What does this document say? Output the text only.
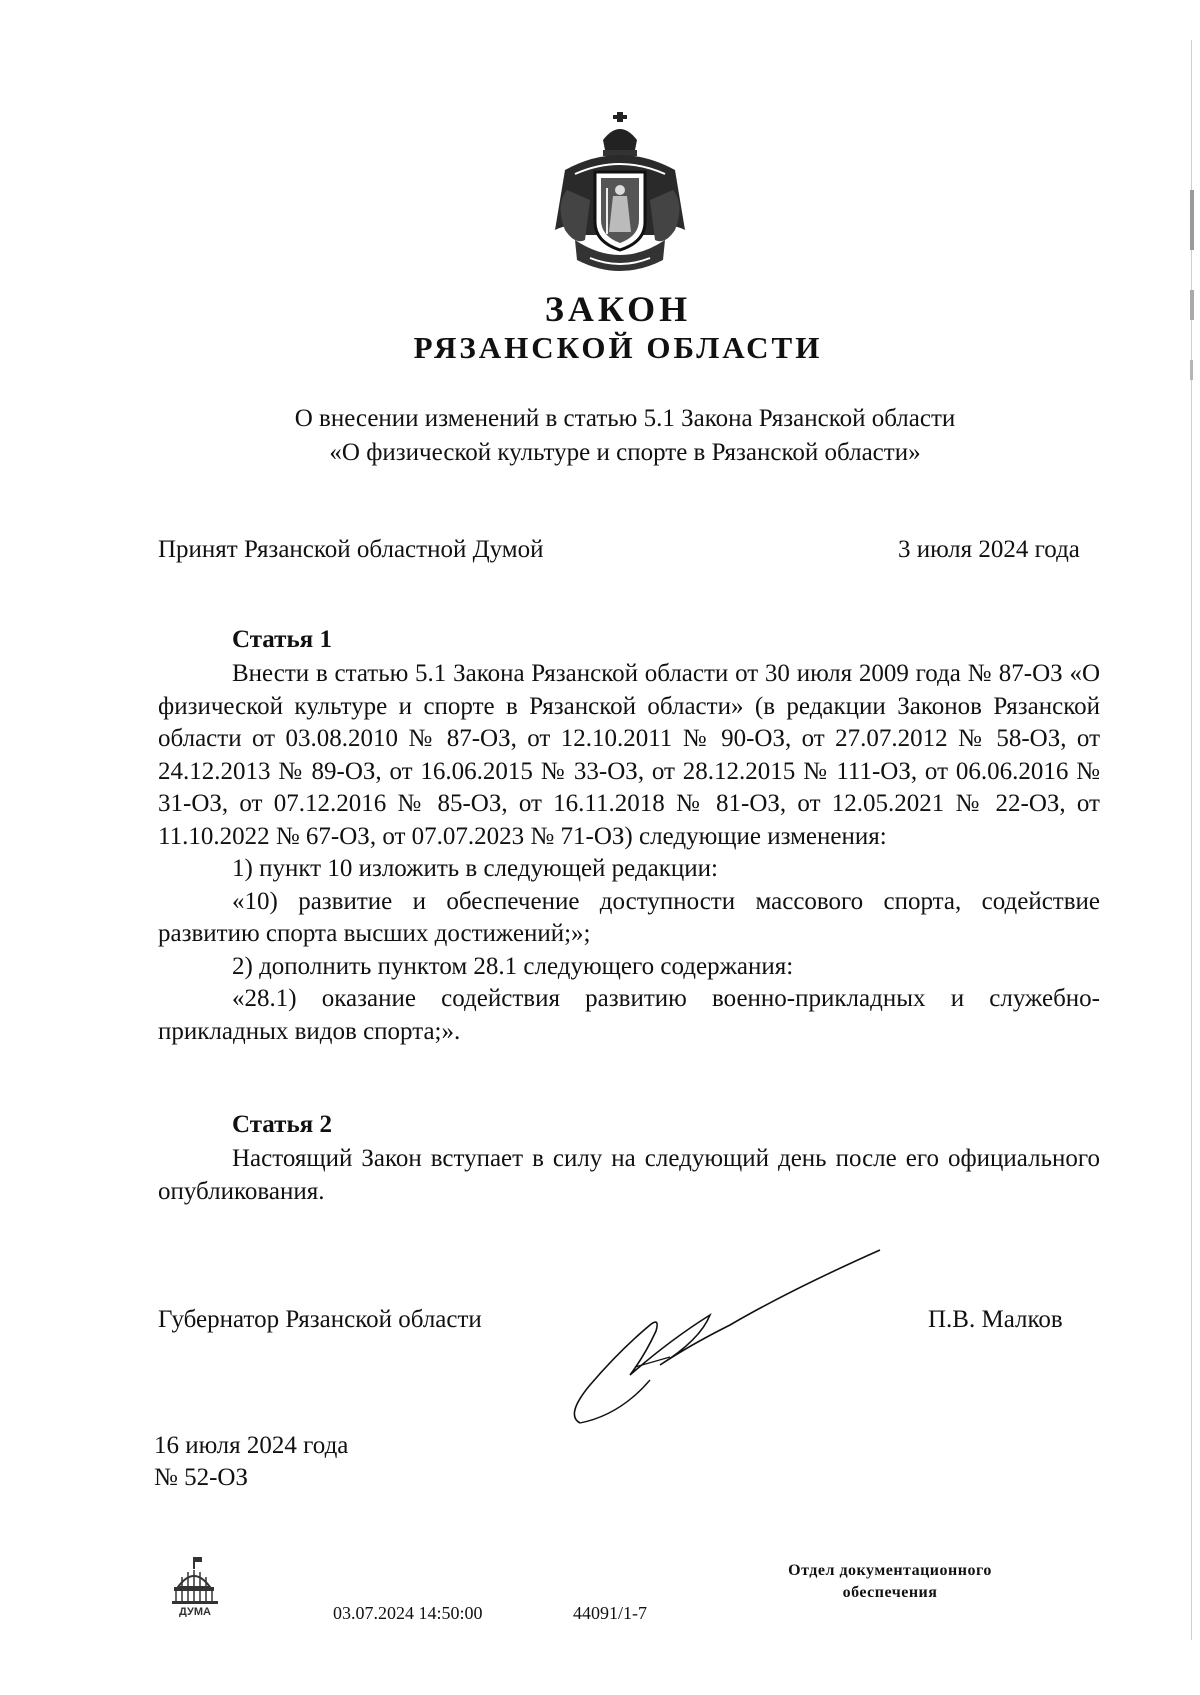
ЗАКОН
РЯЗАНСКОЙ ОБЛАСТИ
О внесении изменений в статью 5.1 Закона Рязанской области
«О физической культуре и спорте в Рязанской области»
Принят Рязанской областной Думой	3 июля 2024 года
Статья 1

Внести в статью 5.1 Закона Рязанской области от 30 июля 2009 года № 87-ОЗ «О физической культуре и спорте в Рязанской области» (в редакции Законов Рязанской области от 03.08.2010 № 87-ОЗ, от 12.10.2011 № 90-ОЗ, от 27.07.2012 № 58-ОЗ, от 24.12.2013 № 89-ОЗ, от 16.06.2015 № 33-ОЗ, от 28.12.2015 № 111-ОЗ, от 06.06.2016 № 31-ОЗ, от 07.12.2016 № 85-ОЗ, от 16.11.2018 № 81-ОЗ, от 12.05.2021 № 22-ОЗ, от 11.10.2022 № 67-ОЗ, от 07.07.2023 № 71-ОЗ) следующие изменения:

1) пункт 10 изложить в следующей редакции:

«10) развитие и обеспечение доступности массового спорта, содействие развитию спорта высших достижений;»;

2) дополнить пунктом 28.1 следующего содержания:

«28.1) оказание содействия развитию военно-прикладных и служебно-прикладных видов спорта;».

Статья 2

Настоящий Закон вступает в силу на следующий день после его официального опубликования.

Губернатор Рязанской области	П.В. Малков
16 июля 2024 года
№ 52-ОЗ
ДУМА	03.07.2024 14:50:00	44091/1-7
Отдел документационного
обеспечения
